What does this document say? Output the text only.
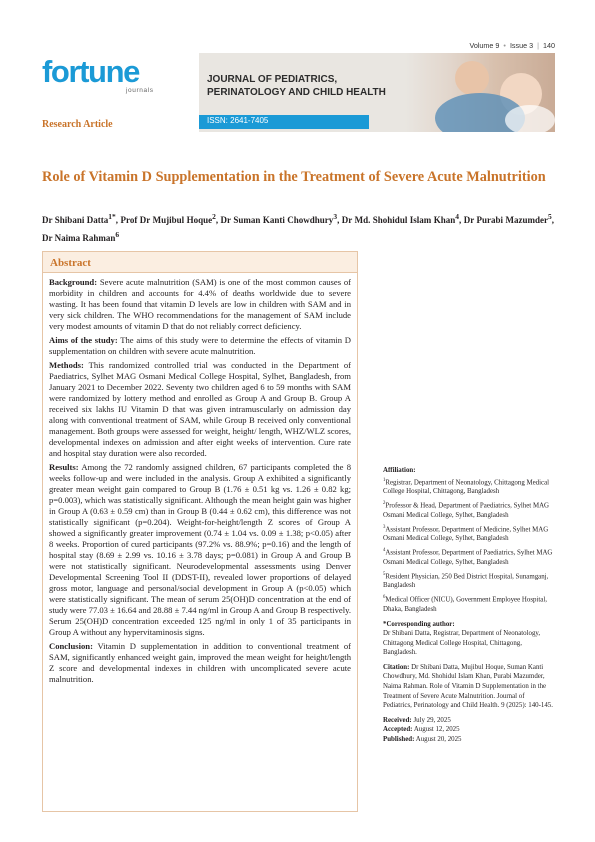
Volume 9 • Issue 3 | 140
fortune
journals
JOURNAL OF PEDIATRICS,
PERINATOLOGY AND CHILD HEALTH
ISSN: 2641-7405
Research Article
Role of Vitamin D Supplementation in the Treatment of Severe Acute Malnutrition
Dr Shibani Datta$^{1*}$, Prof Dr Mujibul Hoque$^2$, Dr Suman Kanti Chowdhury$^3$, Dr Md. Shohidul Islam Khan$^4$, Dr Purabi Mazumder$^5$, Dr Naima Rahman$^6$
Abstract

Background: Severe acute malnutrition (SAM) is one of the most common causes of morbidity in children and accounts for 4.4% of deaths worldwide due to severe wasting. It has been found that vitamin D levels are low in children with SAM and in very sick children. The WHO recommendations for the management of SAM include very modest amounts of vitamin D that do not reliably correct deficiency.

Aims of the study: The aims of this study were to determine the effects of vitamin D supplementation on children with severe acute malnutrition.

Methods: This randomized controlled trial was conducted in the Department of Paediatrics, Sylhet MAG Osmani Medical College Hospital, Sylhet, Bangladesh, from January 2021 to December 2022. Seventy two children aged 6 to 59 months with SAM were randomized by lottery method and enrolled as Group A and Group B. Group A received six lakhs IU Vitamin D that was given intramuscularly on admission day along with conventional treatment of SAM, while Group B received only conventional management. Both groups were assessed for weight, height/ length, WHZ/WLZ scores, developmental indexes on admission and after eight weeks of intervention. Cure rate and hospital stay duration were also recorded.

Results: Among the 72 randomly assigned children, 67 participants completed the 8 weeks follow-up and were included in the analysis. Group A exhibited a significantly greater mean weight gain compared to Group B (1.76 ± 0.51 kg vs. 1.26 ± 0.82 kg; p=0.003), which was statistically significant. Although the mean height gain was higher in Group A (0.63 ± 0.59 cm) than in Group B (0.44 ± 0.62 cm), this difference was not statistically significant (p=0.204). Weight-for-height/length Z scores of Group A showed a significantly greater improvement (0.74 ± 1.04 vs. 0.09 ± 1.38; p<0.05) after 8 weeks. Proportion of cured participants (97.2% vs. 88.9%; p=0.16) and the length of hospital stay (8.69 ± 2.99 vs. 10.16 ± 3.78 days; p=0.081) in Group A and Group B were not statistically significant. Neurodevelopmental assessments using Denver Developmental Screening Tool II (DDST-II), revealed lower proportions of delayed gross motor, language and personal/social development in Group A (p<0.05) which were statistically significant. The mean of serum 25(OH)D concentration at the end of study were 77.03 ± 16.64 and 28.88 ± 7.44 ng/ml in Group A and Group B respectively. Serum 25(OH)D concentration exceeded 125 ng/ml in only 1 of 35 participants in Group A without any hypervitaminosis signs.

Conclusion: Vitamin D supplementation in addition to conventional treatment of SAM, significantly enhanced weight gain, improved the mean weight for height/length Z score and developmental indexes in children with uncomplicated severe acute malnutrition.

Affiliation:
$^1$Registrar, Department of Neonatology, Chittagong Medical College Hospital, Chittagong, Bangladesh
$^2$Professor & Head, Department of Paediatrics, Sylhet MAG Osmani Medical College, Sylhet, Bangladesh
$^3$Assistant Professor, Department of Medicine, Sylhet MAG Osmani Medical College, Sylhet, Bangladesh
$^4$Assistant Professor, Department of Paediatrics, Sylhet MAG Osmani Medical College, Sylhet, Bangladesh
$^5$Resident Physician, 250 Bed District Hospital, Sunamganj, Bangladesh
$^6$Medical Officer (NICU), Government Employee Hospital, Dhaka, Bangladesh
*Corresponding author:
Dr Shibani Datta, Registrar, Department of Neonatology, Chittagong Medical College Hospital, Chittagong, Bangladesh.
Citation: Dr Shibani Datta, Mujibul Hoque, Suman Kanti Chowdhury, Md. Shohidul Islam Khan, Purabi Mazumder, Naima Rahman. Role of Vitamin D Supplementation in the Treatment of Severe Acute Malnutrition. Journal of Pediatrics, Perinatology and Child Health. 9 (2025): 140-145.
Received: July 29, 2025
Accepted: August 12, 2025
Published: August 20, 2025
